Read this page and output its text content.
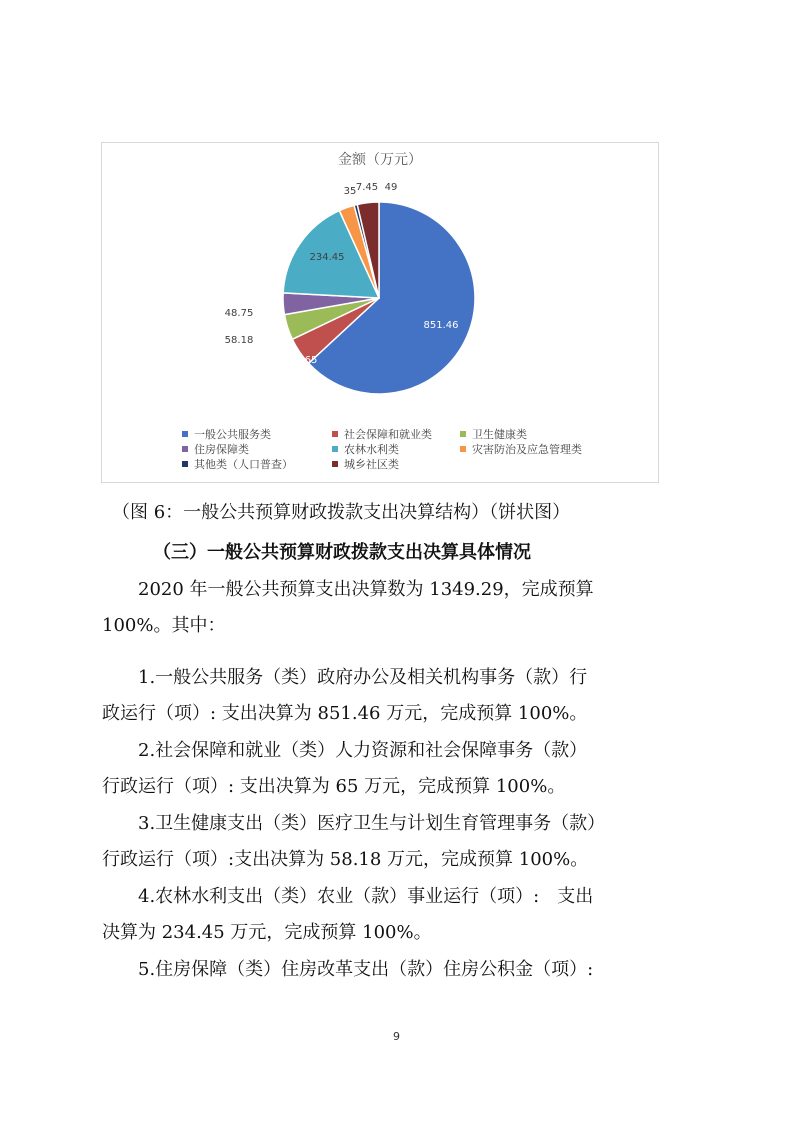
金额（万元）
851.46
65
58.18
48.75
234.45
35 7.45 49
一般公共服务类	社会保障和就业类	卫生健康类
住房保障类	农林水利类	灾害防治及应急管理类
其他类（人口普查）	城乡社区类
（图 6：一般公共预算财政拨款支出决算结构）（饼状图）
（三）一般公共预算财政拨款支出决算具体情况
　　2020 年一般公共预算支出决算数为 1349.29，完成预算
100%。其中：
　　1.一般公共服务（类）政府办公及相关机构事务（款）行
政运行（项）: 支出决算为 851.46 万元，完成预算 100%。
　　2.社会保障和就业（类）人力资源和社会保障事务（款）
行政运行（项）: 支出决算为 65 万元，完成预算 100%。
　　3.卫生健康支出（类）医疗卫生与计划生育管理事务（款）
行政运行（项）:支出决算为 58.18 万元，完成预算 100%。
　　4.农林水利支出（类）农业（款）事业运行（项）:　支出
决算为 234.45 万元，完成预算 100%。
　　5.住房保障（类）住房改革支出（款）住房公积金（项）:
9
